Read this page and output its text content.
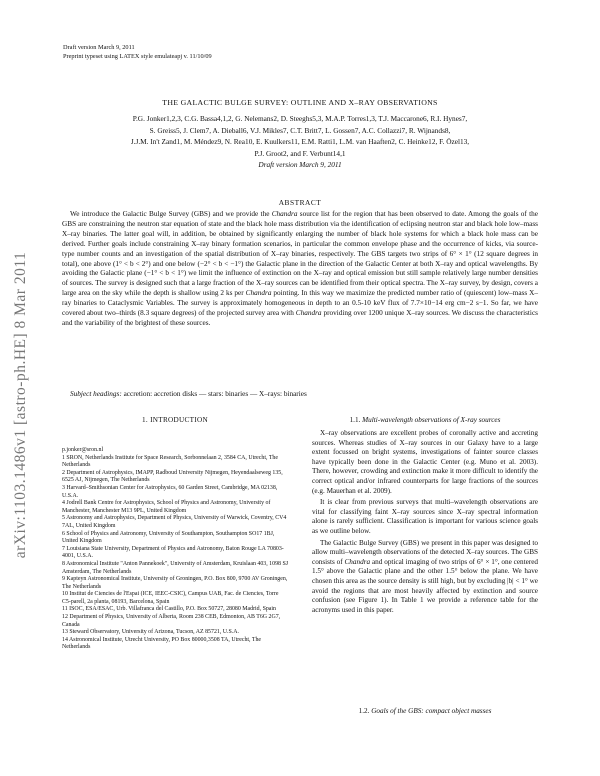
arXiv:1103.1486v1 [astro-ph.HE] 8 Mar 2011
Draft version March 9, 2011
Preprint typeset using LATEX style emulateapj v. 11/10/09
THE GALACTIC BULGE SURVEY: OUTLINE AND X–RAY OBSERVATIONS
P.G. Jonker1,2,3, C.G. Bassa4,1,2, G. Nelemans2, D. Steeghs5,3, M.A.P. Torres1,3, T.J. Maccarone6, R.I. Hynes7,
S. Greiss5, J. Clem7, A. Dieball6, V.J. Mikles7, C.T. Britt7, L. Gossen7, A.C. Collazzi7, R. Wijnands8,
J.J.M. In't Zand1, M. Méndez9, N. Rea10, E. Kuulkers11, E.M. Ratti1, L.M. van Haaften2, C. Heinke12, F. Özel13,
P.J. Groot2, and F. Verbunt14,1
Draft version March 9, 2011
ABSTRACT
We introduce the Galactic Bulge Survey (GBS) and we provide the Chandra source list for the region that has been observed to date. Among the goals of the GBS are constraining the neutron star equation of state and the black hole mass distribution via the identification of eclipsing neutron star and black hole low–mass X–ray binaries. The latter goal will, in addition, be obtained by significantly enlarging the number of black hole systems for which a black hole mass can be derived. Further goals include constraining X–ray binary formation scenarios, in particular the common envelope phase and the occurrence of kicks, via source-type number counts and an investigation of the spatial distribution of X–ray binaries, respectively. The GBS targets two strips of 6° × 1° (12 square degrees in total), one above (1° < b < 2°) and one below (−2° < b < −1°) the Galactic plane in the direction of the Galactic Center at both X–ray and optical wavelengths. By avoiding the Galactic plane (−1° < b < 1°) we limit the influence of extinction on the X–ray and optical emission but still sample relatively large number densities of sources. The survey is designed such that a large fraction of the X–ray sources can be identified from their optical spectra. The X–ray survey, by design, covers a large area on the sky while the depth is shallow using 2 ks per Chandra pointing. In this way we maximize the predicted number ratio of (quiescent) low–mass X–ray binaries to Cataclysmic Variables. The survey is approximately homogeneous in depth to an 0.5-10 keV flux of 7.7×10−14 erg cm−2 s−1. So far, we have covered about two–thirds (8.3 square degrees) of the projected survey area with Chandra providing over 1200 unique X–ray sources. We discuss the characteristics and the variability of the brightest of these sources.
Subject headings: accretion: accretion disks — stars: binaries — X–rays: binaries
1. INTRODUCTION
p.jonker@sron.nl
1 SRON, Netherlands Institute for Space Research, Sorbonnelaan 2, 3584 CA, Utrecht, The Netherlands
2 Department of Astrophysics, IMAPP, Radboud University Nijmegen, Heyendaalseweg 135, 6525 AJ, Nijmegen, The Netherlands
3 Harvard–Smithsonian Center for Astrophysics, 60 Garden Street, Cambridge, MA 02138, U.S.A.
4 Jodrell Bank Centre for Astrophysics, School of Physics and Astronomy, University of Manchester, Manchester M13 9PL, United Kingdom
5 Astronomy and Astrophysics, Department of Physics, University of Warwick, Coventry, CV4 7AL, United Kingdom
6 School of Physics and Astronomy, University of Southampton, Southampton SO17 1BJ, United Kingdom
7 Louisiana State University, Department of Physics and Astronomy, Baton Rouge LA 70803-4001, U.S.A.
8 Astronomical Institute "Anton Pannekoek", University of Amsterdam, Kruislaan 403, 1098 SJ Amsterdam, The Netherlands
9 Kapteyn Astronomical Institute, University of Groningen, P.O. Box 800, 9700 AV Groningen, The Netherlands
10 Institut de Ciencies de l'Espai (ICE, IEEC-CSIC), Campus UAB, Fac. de Ciencies, Torre C5-parell, 2a planta, 08193, Barcelona, Spain
11 ISOC, ESA/ESAC, Urb. Villafranca del Castillo, P.O. Box 50727, 28080 Madrid, Spain
12 Department of Physics, University of Alberta, Room 238 CEB, Edmonton, AB T6G 2G7, Canada
13 Steward Observatory, University of Arizona, Tucson, AZ 85721, U.S.A.
14 Astronomical Institute, Utrecht University, PO Box 80000,3508 TA, Utrecht, The Netherlands
1.1. Multi-wavelength observations of X-ray sources

X–ray observations are excellent probes of coronally active and accreting sources. Whereas studies of X–ray sources in our Galaxy have to a large extent focussed on bright systems, investigations of fainter source classes have typically been done in the Galactic Center (e.g. Muno et al. 2003). There, however, crowding and extinction make it more difficult to identify the correct optical and/or infrared counterparts for large fractions of the sources (e.g. Mauerhan et al. 2009).

It is clear from previous surveys that multi–wavelength observations are vital for classifying faint X–ray sources since X–ray spectral information alone is rarely sufficient. Classification is important for various science goals as we outline below.

The Galactic Bulge Survey (GBS) we present in this paper was designed to allow multi–wavelength observations of the detected X–ray sources. The GBS consists of Chandra and optical imaging of two strips of 6° × 1°, one centered 1.5° above the Galactic plane and the other 1.5° below the plane. We have chosen this area as the source density is still high, but by excluding |b| < 1° we avoid the regions that are most heavily affected by extinction and source confusion (see Figure 1). In Table 1 we provide a reference table for the acronyms used in this paper.

1.2. Goals of the GBS: compact object masses
